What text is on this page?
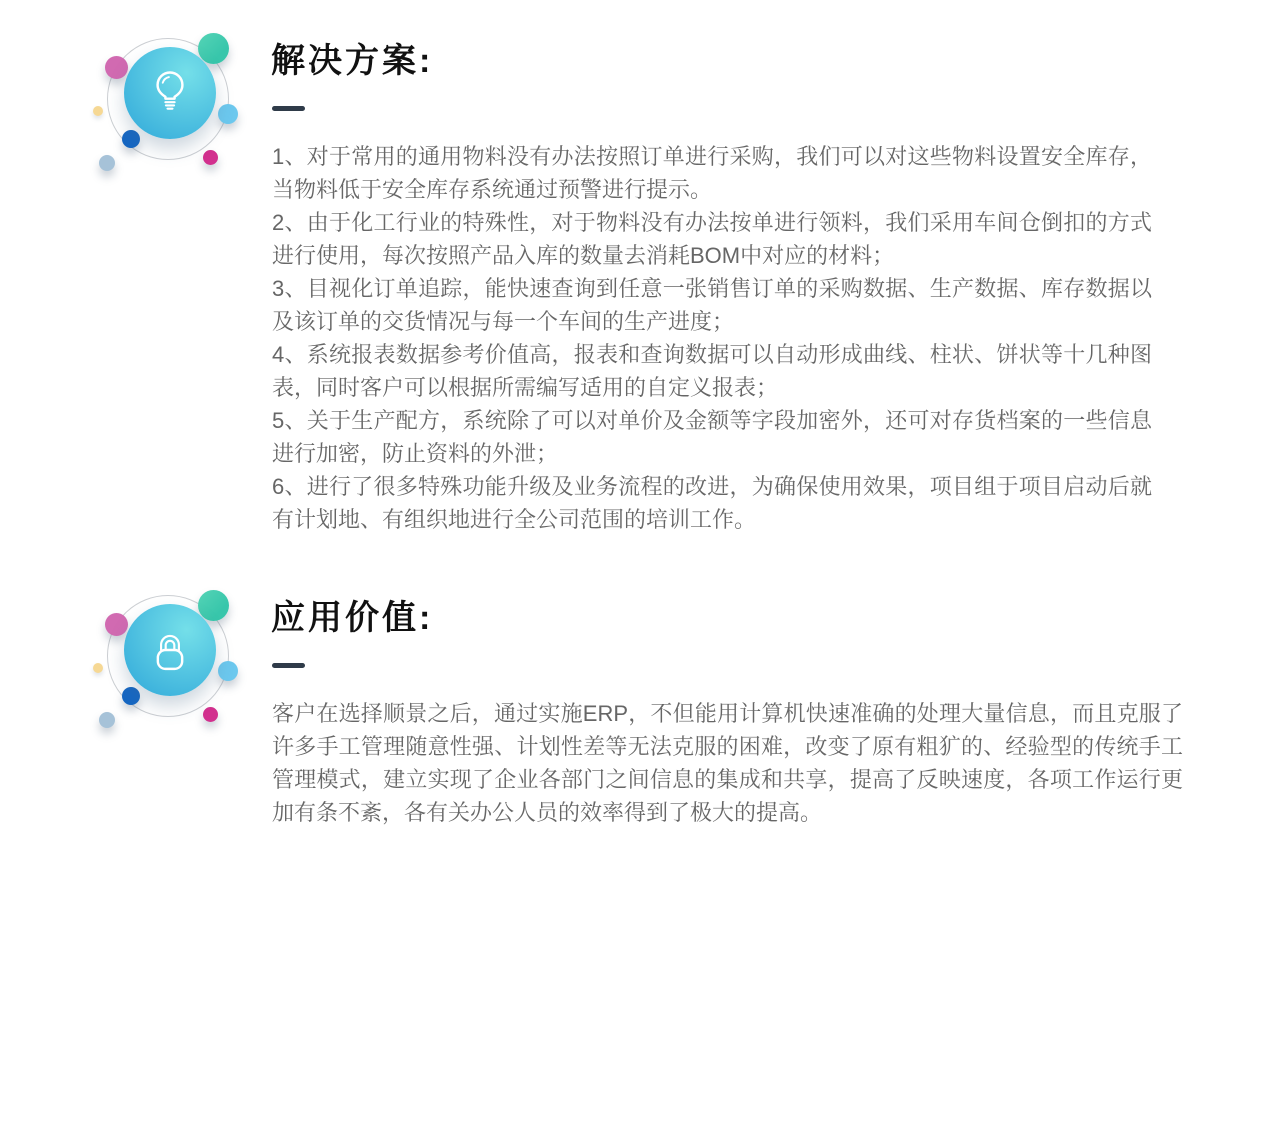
解决方案:

1、对于常用的通用物料没有办法按照订单进行采购，我们可以对这些物料设置安全库存，当物料低于安全库存系统通过预警进行提示。

2、由于化工行业的特殊性，对于物料没有办法按单进行领料，我们采用车间仓倒扣的方式进行使用，每次按照产品入库的数量去消耗BOM中对应的材料；

3、目视化订单追踪，能快速查询到任意一张销售订单的采购数据、生产数据、库存数据以及该订单的交货情况与每一个车间的生产进度；

4、系统报表数据参考价值高，报表和查询数据可以自动形成曲线、柱状、饼状等十几种图表，同时客户可以根据所需编写适用的自定义报表；

5、关于生产配方，系统除了可以对单价及金额等字段加密外，还可对存货档案的一些信息进行加密，防止资料的外泄；

6、进行了很多特殊功能升级及业务流程的改进，为确保使用效果，项目组于项目启动后就有计划地、有组织地进行全公司范围的培训工作。

应用价值:

客户在选择顺景之后，通过实施ERP，不但能用计算机快速准确的处理大量信息，而且克服了许多手工管理随意性强、计划性差等无法克服的困难，改变了原有粗犷的、经验型的传统手工管理模式，建立实现了企业各部门之间信息的集成和共享，提高了反映速度，各项工作运行更加有条不紊，各有关办公人员的效率得到了极大的提高。
